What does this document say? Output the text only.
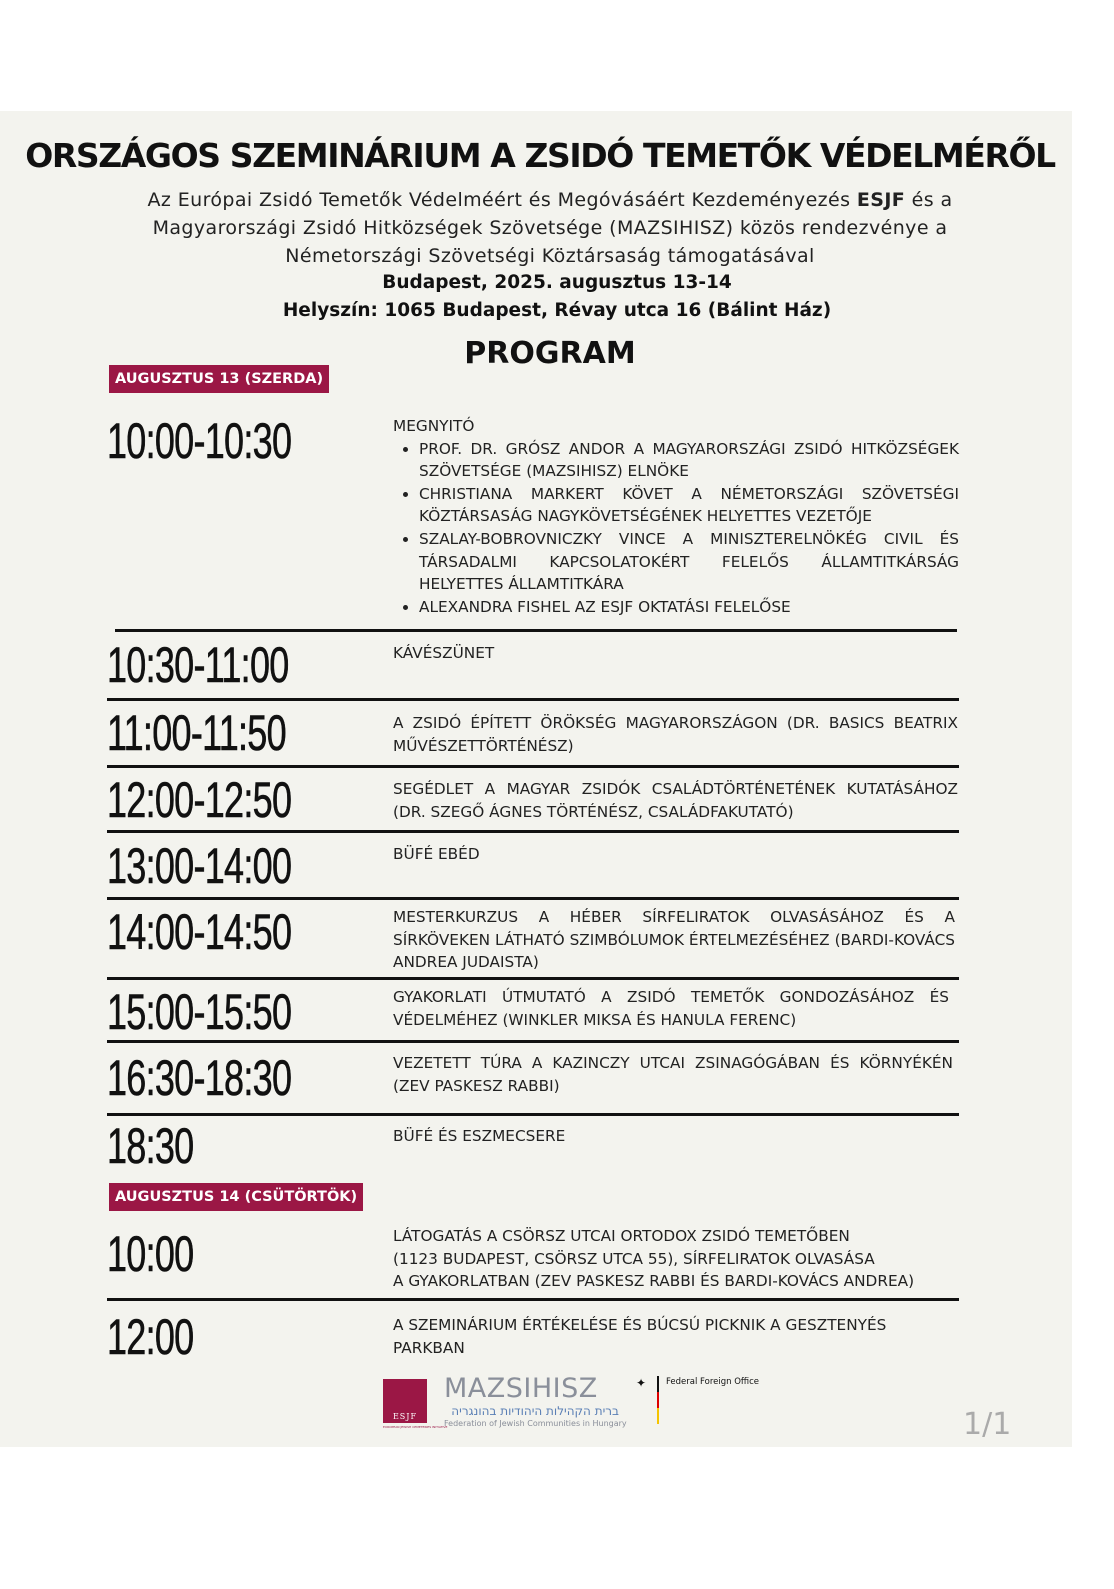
ORSZÁGOS SZEMINÁRIUM A ZSIDÓ TEMETŐK VÉDELMÉRŐL
Az Európai Zsidó Temetők Védelméért és Megóvásáért Kezdeményezés ESJF és a
Magyarországi Zsidó Hitközségek Szövetsége (MAZSIHISZ) közös rendezvénye a
Németországi Szövetségi Köztársaság támogatásával
Budapest, 2025. augusztus 13-14
Helyszín: 1065 Budapest, Révay utca 16 (Bálint Ház)
PROGRAM
AUGUSZTUS 13 (SZERDA)
10:00-10:30	MEGNYITÓ
• PROF. DR. GRÓSZ ANDOR A MAGYARORSZÁGI ZSIDÓ HITKÖZSÉGEK SZÖVETSÉGE (MAZSIHISZ) ELNÖKE
• CHRISTIANA MARKERT KÖVET A NÉMETORSZÁGI SZÖVETSÉGI KÖZTÁRSASÁG NAGYKÖVETSÉGÉNEK HELYETTES VEZETŐJE
• SZALAY-BOBROVNICZKY VINCE A MINISZTERELNÖKÉG CIVIL ÉS TÁRSADALMI KAPCSOLATOKÉRT FELELŐS ÁLLAMTITKÁRSÁG HELYETTES ÁLLAMTITKÁRA
• ALEXANDRA FISHEL AZ ESJF OKTATÁSI FELELŐSE
10:30-11:00	KÁVÉSZÜNET
11:00-11:50	A ZSIDÓ ÉPÍTETT ÖRÖKSÉG MAGYARORSZÁGON (DR. BASICS BEATRIX MŰVÉSZETTÖRTÉNÉSZ)
12:00-12:50	SEGÉDLET A MAGYAR ZSIDÓK CSALÁDTÖRTÉNETÉNEK KUTATÁSÁHOZ (DR. SZEGŐ ÁGNES TÖRTÉNÉSZ, CSALÁDFAKUTATÓ)
13:00-14:00	BÜFÉ EBÉD
14:00-14:50	MESTERKURZUS A HÉBER SÍRFELIRATOK OLVASÁSÁHOZ ÉS A SÍRKÖVEKEN LÁTHATÓ SZIMBÓLUMOK ÉRTELMEZÉSÉHEZ (BARDI-KOVÁCS ANDREA JUDAISTA)
15:00-15:50	GYAKORLATI ÚTMUTATÓ A ZSIDÓ TEMETŐK GONDOZÁSÁHOZ ÉS VÉDELMÉHEZ (WINKLER MIKSA ÉS HANULA FERENC)
16:30-18:30	VEZETETT TÚRA A KAZINCZY UTCAI ZSINAGÓGÁBAN ÉS KÖRNYÉKÉN (ZEV PASKESZ RABBI)
18:30	BÜFÉ ÉS ESZMECSERE
AUGUSZTUS 14 (CSÜTÖRTÖK)
10:00	LÁTOGATÁS A CSÖRSZ UTCAI ORTODOX ZSIDÓ TEMETŐBEN
(1123 BUDAPEST, CSÖRSZ UTCA 55), SÍRFELIRATOK OLVASÁSA
A GYAKORLATBAN (ZEV PASKESZ RABBI ÉS BARDI-KOVÁCS ANDREA)
12:00	A SZEMINÁRIUM ÉRTÉKELÉSE ÉS BÚCSÚ PICKNIK A GESZTENYÉS PARKBAN
ESJF
EUROPEAN JEWISH CEMETERIES INITIATIVE
MAZSIHISZ
ברית הקהילות היהודיות בהונגריה
Federation of Jewish Communities in Hungary
✦	Federal Foreign Office
1/1
